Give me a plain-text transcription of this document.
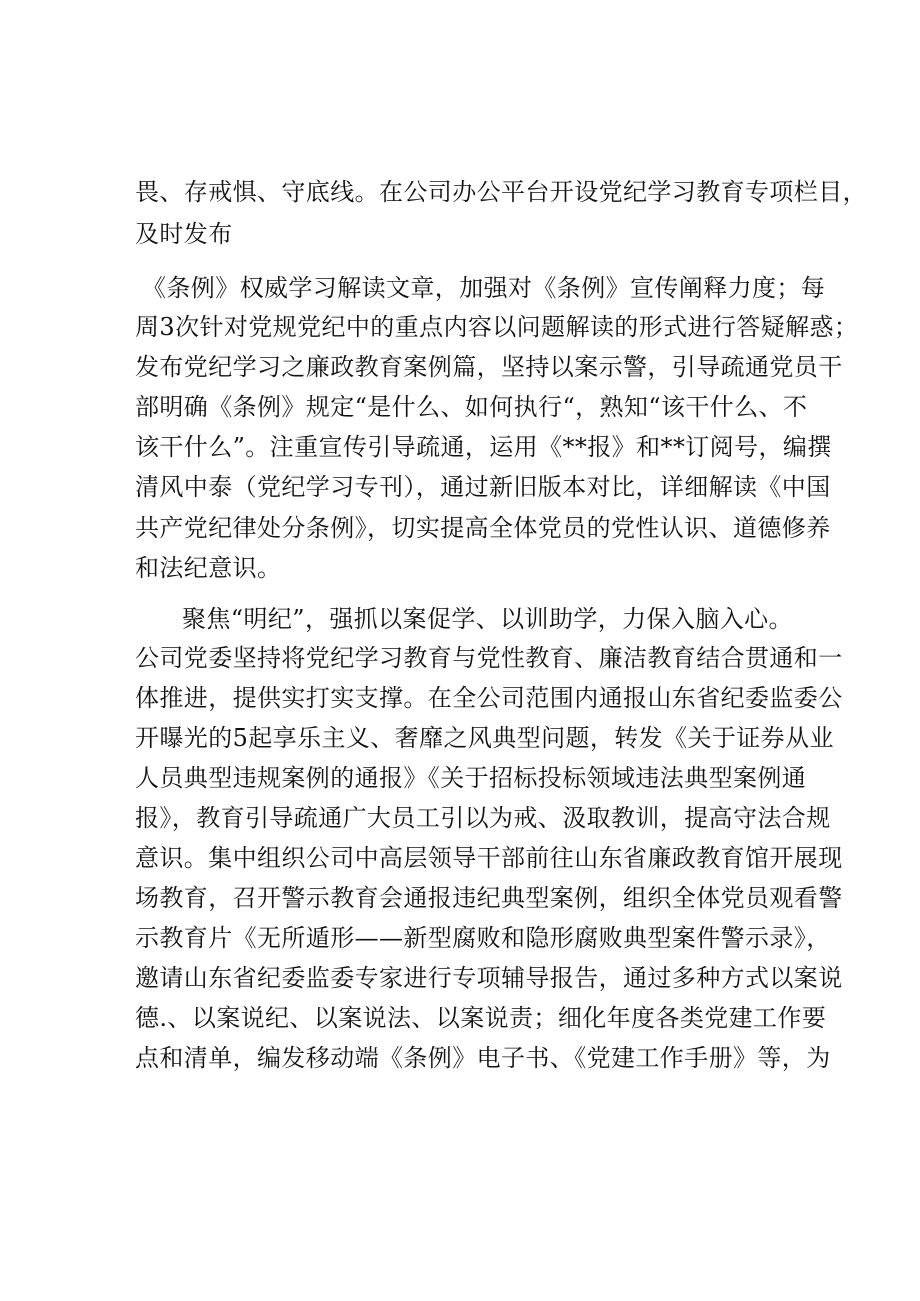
畏、存戒惧、守底线。在公司办公平台开设党纪学习教育专项栏目，

及时发布

《条例》权威学习解读文章，加强对《条例》宣传阐释力度；每

周3次针对党规党纪中的重点内容以问题解读的形式进行答疑解惑；

发布党纪学习之廉政教育案例篇，坚持以案示警，引导疏通党员干

部明确《条例》规定“是什么、如何执行“，熟知“该干什么、不

该干什么”。注重宣传引导疏通，运用《**报》和**订阅号，编撰

清风中泰（党纪学习专刊），通过新旧版本对比，详细解读《中国

共产党纪律处分条例》，切实提高全体党员的党性认识、道德修养

和法纪意识。

聚焦“明纪”，强抓以案促学、以训助学，力保入脑入心。

公司党委坚持将党纪学习教育与党性教育、廉洁教育结合贯通和一

体推进，提供实打实支撑。在全公司范围内通报山东省纪委监委公

开曝光的5起享乐主义、奢靡之风典型问题，转发《关于证券从业

人员典型违规案例的通报》《关于招标投标领域违法典型案例通

报》，教育引导疏通广大员工引以为戒、汲取教训，提高守法合规

意识。集中组织公司中高层领导干部前往山东省廉政教育馆开展现

场教育，召开警示教育会通报违纪典型案例，组织全体党员观看警

示教育片《无所遁形——新型腐败和隐形腐败典型案件警示录》，

邀请山东省纪委监委专家进行专项辅导报告，通过多种方式以案说

德.、以案说纪、以案说法、以案说责；细化年度各类党建工作要

点和清单，编发移动端《条例》电子书、《党建工作手册》等，为
